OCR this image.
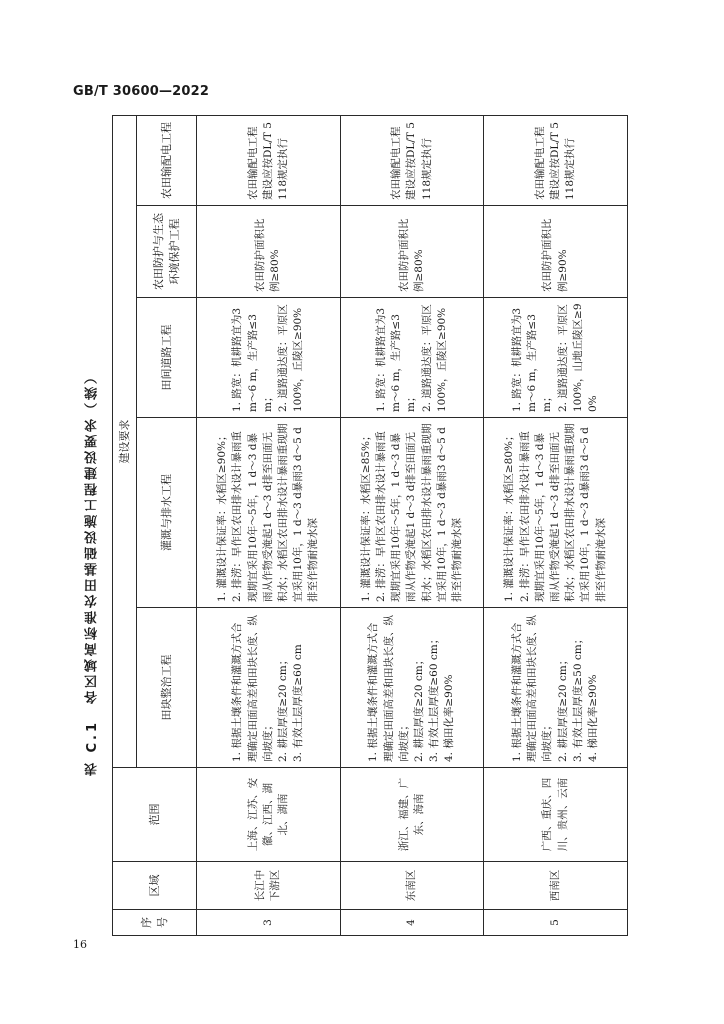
GB/T 30600—2022
表 C.1　各区域高标准农田基础设施工程建设要求（续）
序号	区域	范围	建设要求				
			田块整治工程	灌溉与排水工程	田间道路工程	农田防护与生态环境保护工程	农田输配电工程
3	长江中下游区	上海、江苏、安徽、江西、湖北、湖南	1. 根据土壤条件和灌溉方式合理确定田面高差和田块长度、纵向坡度；
2. 耕层厚度≥20 cm；
3. 有效土层厚度≥60 cm	1. 灌溉设计保证率：水稻区≥90%；
2. 排涝：早作区农田排水设计暴雨重现期宜采用10年～5年，1 d～3 d暴雨从作物受淹起1 d～3 d排至田面无积水；水稻区农田排水设计暴雨重现期宜采用10年，1 d～3 d暴雨3 d～5 d排至作物耐淹水深	1. 路宽：机耕路宜为3 m～6 m，生产路≤3 m；
2. 道路通达度：平原区100%，丘陵区≥90%	农田防护面积比例≥80%	农田输配电工程建设应按DL/T 5118规定执行
4	东南区	浙江、福建、广东、海南	1. 根据土壤条件和灌溉方式合理确定田面高差和田块长度、纵向坡度；
2. 耕层厚度≥20 cm；
3. 有效土层厚度≥60 cm；
4. 梯田化率≥90%	1. 灌溉设计保证率：水稻区≥85%；
2. 排涝：早作区农田排水设计暴雨重现期宜采用10年～5年，1 d～3 d暴雨从作物受淹起1 d～3 d排至田面无积水；水稻区农田排水设计暴雨重现期宜采用10年，1 d～3 d暴雨3 d～5 d排至作物耐淹水深	1. 路宽：机耕路宜为3 m～6 m，生产路≤3 m；
2. 道路通达度：平原区100%，丘陵区≥90%	农田防护面积比例≥80%	农田输配电工程建设应按DL/T 5118规定执行
5	西南区	广西、重庆、四川、贵州、云南	1. 根据土壤条件和灌溉方式合理确定田面高差和田块长度、纵向坡度；
2. 耕层厚度≥20 cm；
3. 有效土层厚度≥50 cm；
4. 梯田化率≥90%	1. 灌溉设计保证率：水稻区≥80%；
2. 排涝：早作区农田排水设计暴雨重现期宜采用10年～5年，1 d～3 d暴雨从作物受淹起1 d～3 d排至田面无积水；水稻区农田排水设计暴雨重现期宜采用10年，1 d～3 d暴雨3 d～5 d排至作物耐淹水深	1. 路宽：机耕路宜为3 m～6 m，生产路≤3 m；
2. 道路通达度：平原区100%，山地丘陵区≥90%	农田防护面积比例≥90%	农田输配电工程建设应按DL/T 5118规定执行
16
